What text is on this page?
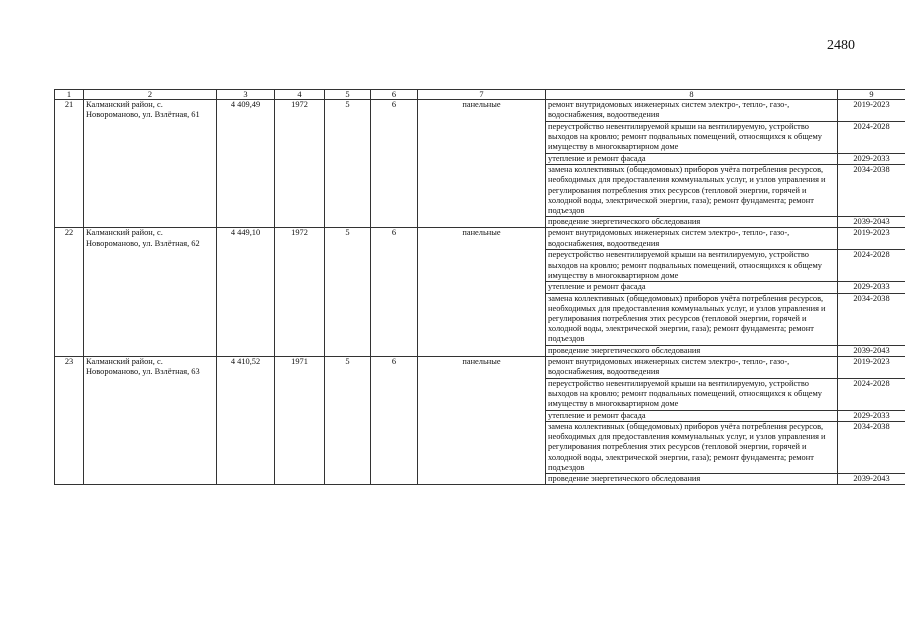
2480
1	2	3	4	5	6	7	8	9
21	Калманский район, с. Новороманово, ул. Взлётная, 61	4 409,49	1972	5	6	панельные	ремонт внутридомовых инженерных систем электро-, тепло-, газо-, водоснабжения, водоотведения	2019-2023
							переустройство невентилируемой крыши на вентилируемую, устройство выходов на кровлю; ремонт подвальных помещений, относящихся к общему имуществу в многоквартирном доме	2024-2028
							утепление и ремонт фасада	2029-2033
							замена коллективных (общедомовых) приборов учёта потребления ресурсов, необходимых для предоставления коммунальных услуг, и узлов управления и регулирования потребления этих ресурсов (тепловой энергии, горячей и холодной воды, электрической энергии, газа); ремонт фундамента; ремонт подъездов	2034-2038
							проведение энергетического обследования	2039-2043
22	Калманский район, с. Новороманово, ул. Взлётная, 62	4 449,10	1972	5	6	панельные	ремонт внутридомовых инженерных систем электро-, тепло-, газо-, водоснабжения, водоотведения	2019-2023
							переустройство невентилируемой крыши на вентилируемую, устройство выходов на кровлю; ремонт подвальных помещений, относящихся к общему имуществу в многоквартирном доме	2024-2028
							утепление и ремонт фасада	2029-2033
							замена коллективных (общедомовых) приборов учёта потребления ресурсов, необходимых для предоставления коммунальных услуг, и узлов управления и регулирования потребления этих ресурсов (тепловой энергии, горячей и холодной воды, электрической энергии, газа); ремонт фундамента; ремонт подъездов	2034-2038
							проведение энергетического обследования	2039-2043
23	Калманский район, с. Новороманово, ул. Взлётная, 63	4 410,52	1971	5	6	панельные	ремонт внутридомовых инженерных систем электро-, тепло-, газо-, водоснабжения, водоотведения	2019-2023
							переустройство невентилируемой крыши на вентилируемую, устройство выходов на кровлю; ремонт подвальных помещений, относящихся к общему имуществу в многоквартирном доме	2024-2028
							утепление и ремонт фасада	2029-2033
							замена коллективных (общедомовых) приборов учёта потребления ресурсов, необходимых для предоставления коммунальных услуг, и узлов управления и регулирования потребления этих ресурсов (тепловой энергии, горячей и холодной воды, электрической энергии, газа); ремонт фундамента; ремонт подъездов	2034-2038
							проведение энергетического обследования	2039-2043
